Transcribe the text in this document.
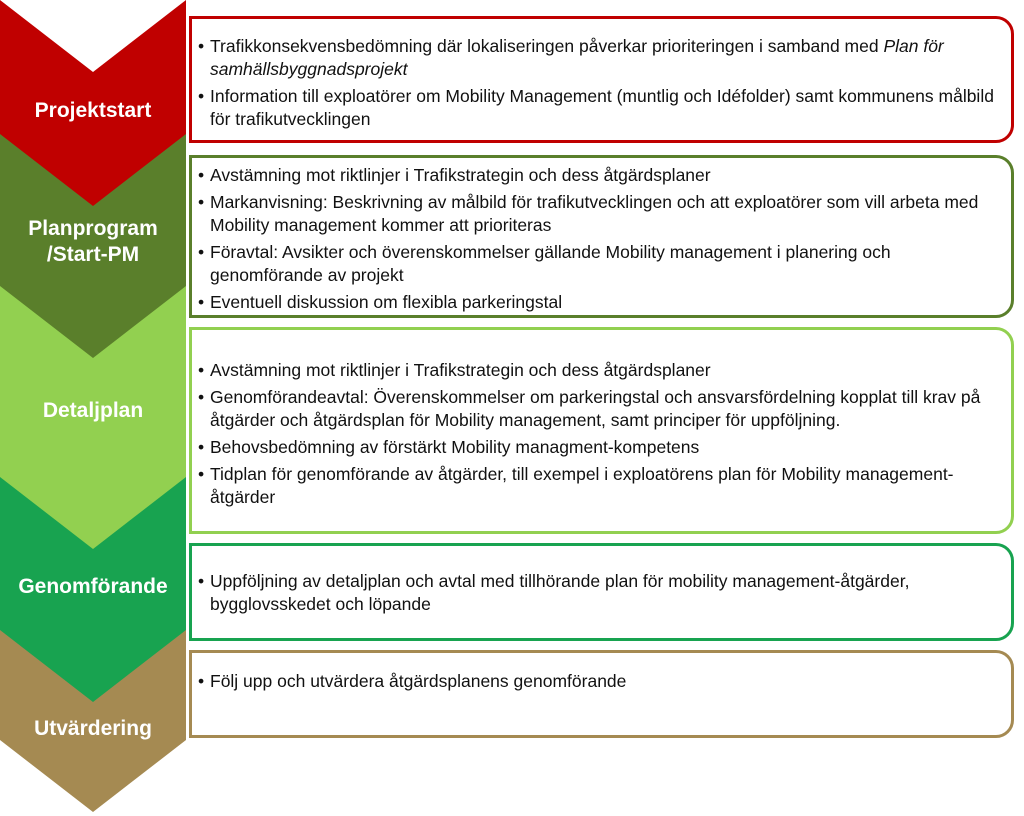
Projektstart
Planprogram
/Start-PM
Detaljplan
Genomförande
Utvärdering
• Trafikkonsekvensbedömning där lokaliseringen påverkar prioriteringen i samband med Plan för samhällsbyggnadsprojekt
• Information till exploatörer om Mobility Management (muntlig och Idéfolder) samt kommunens målbild för trafikutvecklingen
• Avstämning mot riktlinjer i Trafikstrategin och dess åtgärdsplaner
• Markanvisning: Beskrivning av målbild för trafikutvecklingen och att exploatörer som vill arbeta med Mobility management kommer att prioriteras
• Föravtal: Avsikter och överenskommelser gällande Mobility management i planering och genomförande av projekt
• Eventuell diskussion om flexibla parkeringstal
• Avstämning mot riktlinjer i Trafikstrategin och dess åtgärdsplaner
• Genomförandeavtal: Överenskommelser om parkeringstal och ansvarsfördelning kopplat till krav på åtgärder och åtgärdsplan för Mobility management, samt principer för uppföljning.
• Behovsbedömning av förstärkt Mobility managment-kompetens
• Tidplan för genomförande av åtgärder, till exempel i exploatörens plan för Mobility management-åtgärder
• Uppföljning av detaljplan och avtal med tillhörande plan för mobility management-åtgärder, bygglovsskedet och löpande
• Följ upp och utvärdera åtgärdsplanens genomförande
